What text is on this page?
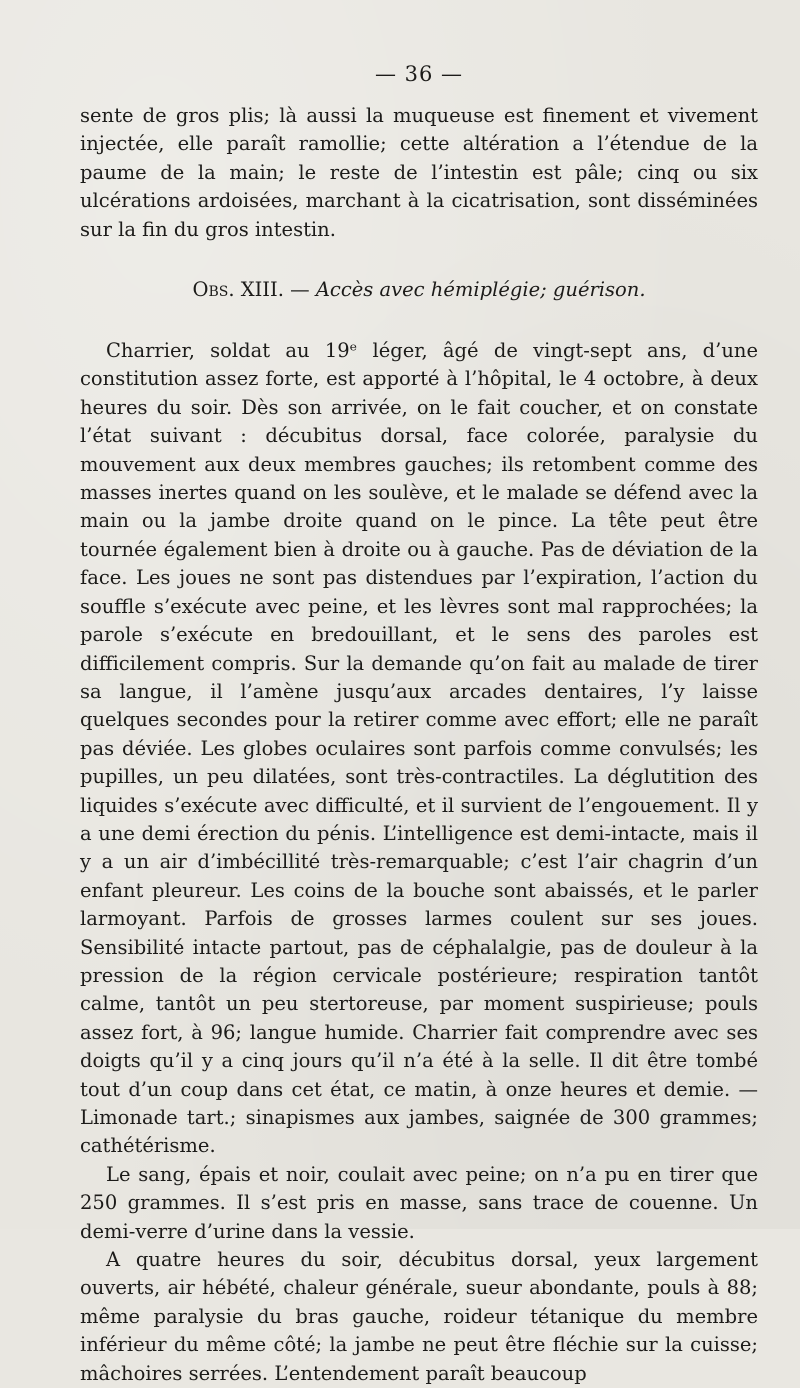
— 36 —

sente de gros plis; là aussi la muqueuse est finement et vivement injectée, elle paraît ramollie; cette altération a l’étendue de la paume de la main; le reste de l’intestin est pâle; cinq ou six ulcérations ardoisées, marchant à la cicatrisation, sont disséminées sur la fin du gros intestin.

Obs. XIII. — Accès avec hémiplégie; guérison.

Charrier, soldat au 19ᵉ léger, âgé de vingt-sept ans, d’une constitution assez forte, est apporté à l’hôpital, le 4 octobre, à deux heures du soir. Dès son arrivée, on le fait coucher, et on constate l’état suivant : décubitus dorsal, face colorée, paralysie du mouvement aux deux membres gauches; ils retombent comme des masses inertes quand on les soulève, et le malade se défend avec la main ou la jambe droite quand on le pince. La tête peut être tournée également bien à droite ou à gauche. Pas de déviation de la face. Les joues ne sont pas distendues par l’expiration, l’action du souffle s’exécute avec peine, et les lèvres sont mal rapprochées; la parole s’exécute en bredouillant, et le sens des paroles est difficilement compris. Sur la demande qu’on fait au malade de tirer sa langue, il l’amène jusqu’aux arcades dentaires, l’y laisse quelques secondes pour la retirer comme avec effort; elle ne paraît pas déviée. Les globes oculaires sont parfois comme convulsés; les pupilles, un peu dilatées, sont très-contractiles. La déglutition des liquides s’exécute avec difficulté, et il survient de l’engouement. Il y a une demi érection du pénis. L’intelligence est demi-intacte, mais il y a un air d’imbécillité très-remarquable; c’est l’air chagrin d’un enfant pleureur. Les coins de la bouche sont abaissés, et le parler larmoyant. Parfois de grosses larmes coulent sur ses joues. Sensibilité intacte partout, pas de céphalalgie, pas de douleur à la pression de la région cervicale postérieure; respiration tantôt calme, tantôt un peu stertoreuse, par moment suspirieuse; pouls assez fort, à 96; langue humide. Charrier fait comprendre avec ses doigts qu’il y a cinq jours qu’il n’a été à la selle. Il dit être tombé tout d’un coup dans cet état, ce matin, à onze heures et demie. — Limonade tart.; sinapismes aux jambes, saignée de 300 grammes; cathétérisme.

Le sang, épais et noir, coulait avec peine; on n’a pu en tirer que 250 grammes. Il s’est pris en masse, sans trace de couenne. Un demi-verre d’urine dans la vessie.

A quatre heures du soir, décubitus dorsal, yeux largement ouverts, air hébété, chaleur générale, sueur abondante, pouls à 88; même paralysie du bras gauche, roideur tétanique du membre inférieur du même côté; la jambe ne peut être fléchie sur la cuisse; mâchoires serrées. L’entendement paraît beaucoup
